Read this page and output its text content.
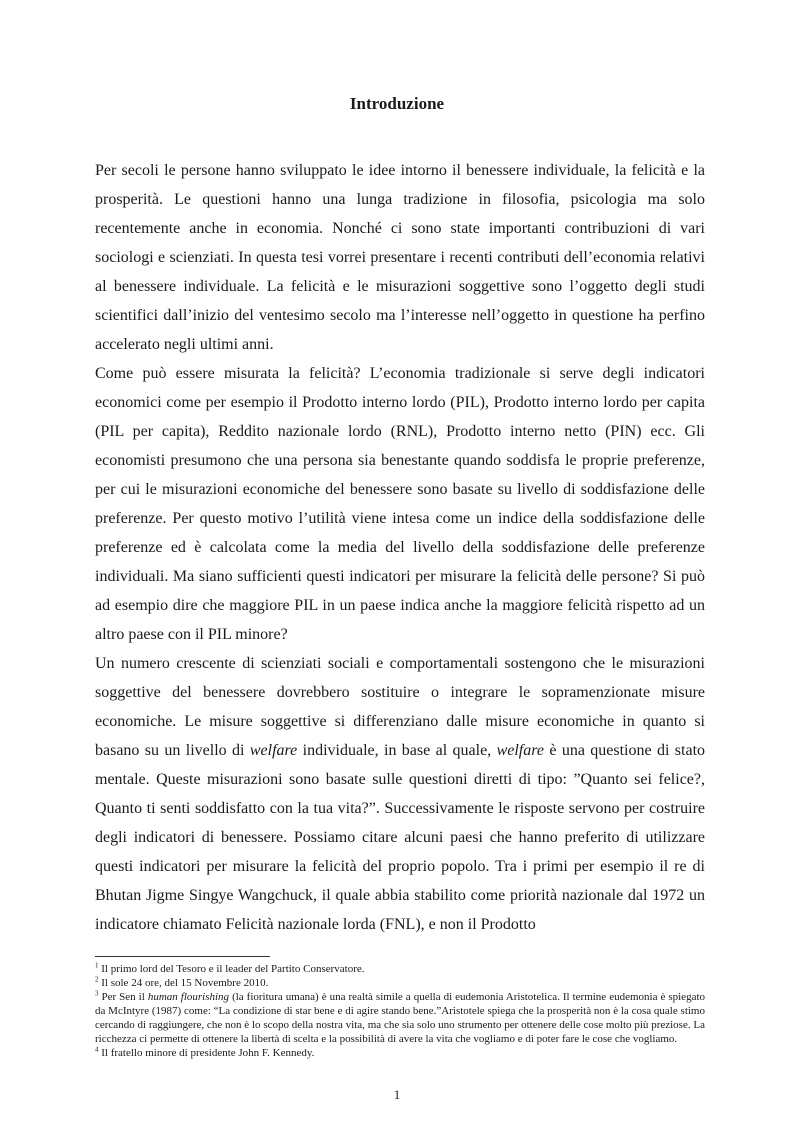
Introduzione

Per secoli le persone hanno sviluppato le idee intorno il benessere individuale, la felicità e la prosperità. Le questioni hanno una lunga tradizione in filosofia, psicologia ma solo recentemente anche in economia. Nonché ci sono state importanti contribuzioni di vari sociologi e scienziati. In questa tesi vorrei presentare i recenti contributi dell’economia relativi al benessere individuale. La felicità e le misurazioni soggettive sono l’oggetto degli studi scientifici dall’inizio del ventesimo secolo ma l’interesse nell’oggetto in questione ha perfino accelerato negli ultimi anni.

Come può essere misurata la felicità? L’economia tradizionale si serve degli indicatori economici come per esempio il Prodotto interno lordo (PIL), Prodotto interno lordo per capita (PIL per capita), Reddito nazionale lordo (RNL), Prodotto interno netto (PIN) ecc. Gli economisti presumono che una persona sia benestante quando soddisfa le proprie preferenze, per cui le misurazioni economiche del benessere sono basate su livello di soddisfazione delle preferenze. Per questo motivo l’utilità viene intesa come un indice della soddisfazione delle preferenze ed è calcolata come la media del livello della soddisfazione delle preferenze individuali. Ma siano sufficienti questi indicatori per misurare la felicità delle persone? Si può ad esempio dire che maggiore PIL in un paese indica anche la maggiore felicità rispetto ad un altro paese con il PIL minore?

Un numero crescente di scienziati sociali e comportamentali sostengono che le misurazioni soggettive del benessere dovrebbero sostituire o integrare le sopramenzionate misure economiche. Le misure soggettive si differenziano dalle misure economiche in quanto si basano su un livello di welfare individuale, in base al quale, welfare è una questione di stato mentale. Queste misurazioni sono basate sulle questioni diretti di tipo: ”Quanto sei felice?, Quanto ti senti soddisfatto con la tua vita?”. Successivamente le risposte servono per costruire degli indicatori di benessere. Possiamo citare alcuni paesi che hanno preferito di utilizzare questi indicatori per misurare la felicità del proprio popolo. Tra i primi per esempio il re di Bhutan Jigme Singye Wangchuck, il quale abbia stabilito come priorità nazionale dal 1972 un indicatore chiamato Felicità nazionale lorda (FNL), e non il Prodotto

$^1$ Il primo lord del Tesoro e il leader del Partito Conservatore.

$^2$ Il sole 24 ore, del 15 Novembre 2010.

$^3$ Per Sen il human flourishing (la fioritura umana) è una realtà simile a quella di eudemonia Aristotelica. Il termine eudemonia è spiegato da McIntyre (1987) come: “La condizione di star bene e di agire stando bene.”Aristotele spiega che la prosperità non è la cosa quale stimo cercando di raggiungere, che non è lo scopo della nostra vita, ma che sia solo uno strumento per ottenere delle cose molto più preziose. La ricchezza ci permette di ottenere la libertà di scelta e la possibilità di avere la vita che vogliamo e di poter fare le cose che vogliamo.

$^4$ Il fratello minore di presidente John F. Kennedy.

1
